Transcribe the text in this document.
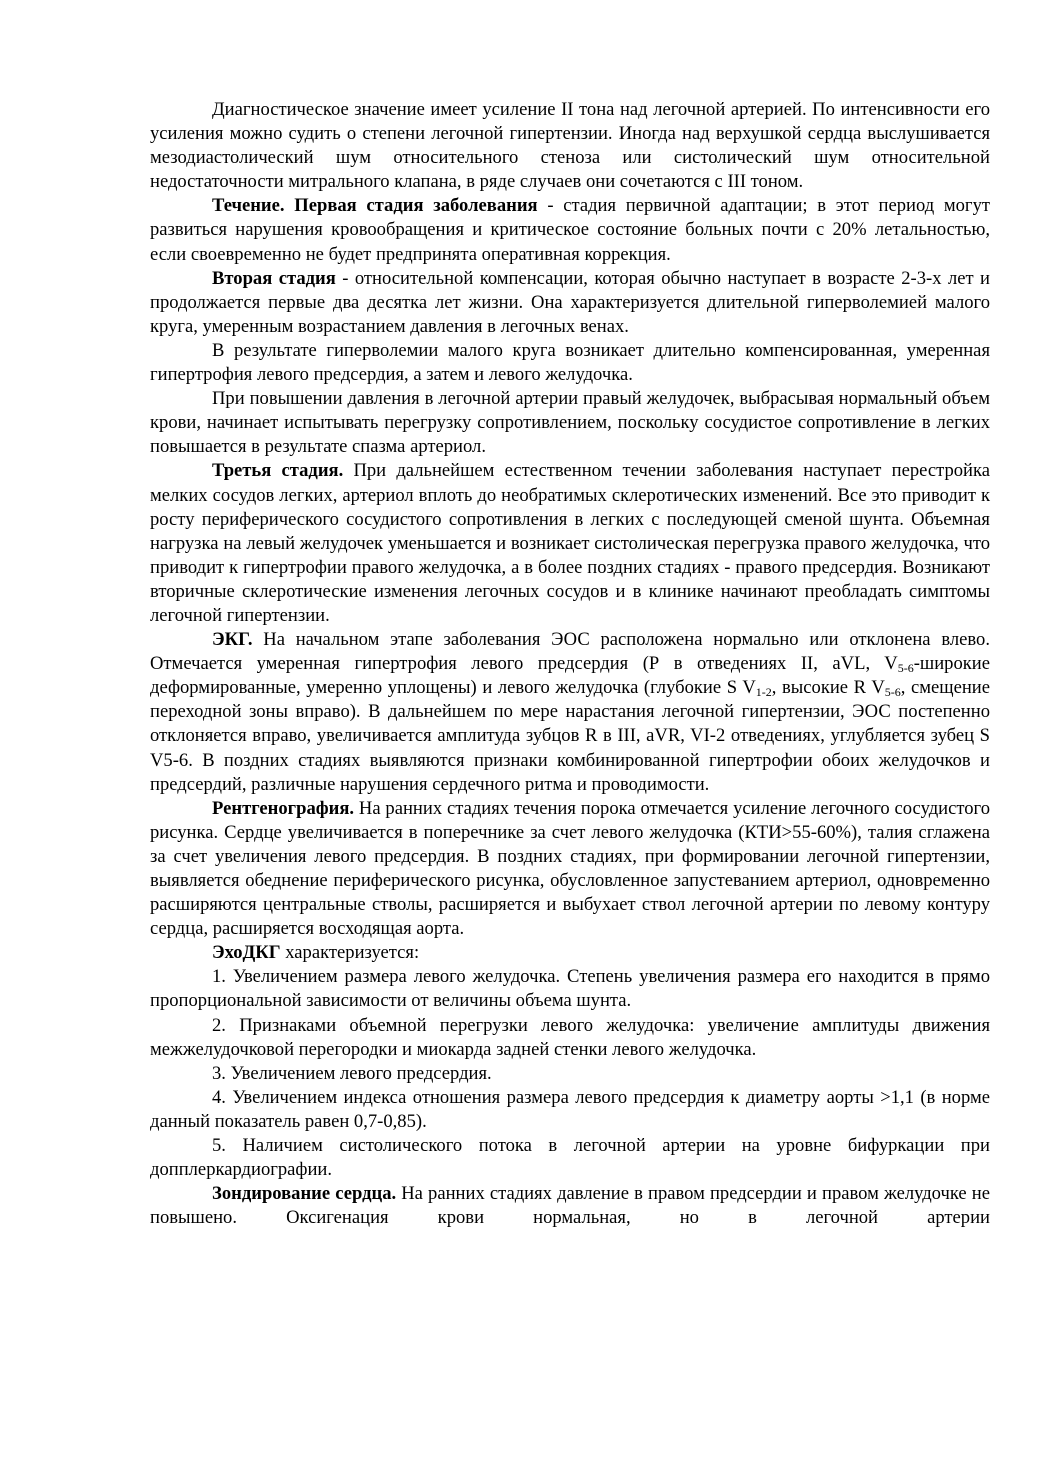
Диагностическое значение имеет усиление II тона над легочной артерией. По интенсивности его усиления можно судить о степени легочной гипертензии. Иногда над верхушкой сердца выслушивается мезодиастолический шум относительного стеноза или систолический шум относительной недостаточности митрального клапана, в ряде случаев они сочетаются с III тоном.

Течение. Первая стадия заболевания - стадия первичной адаптации; в этот период могут развиться нарушения кровообращения и критическое состояние больных почти с 20% летальностью, если своевременно не будет предпринята оперативная коррекция.

Вторая стадия - относительной компенсации, которая обычно наступает в возрасте 2-3-х лет и продолжается первые два десятка лет жизни. Она характеризуется длительной гиперволемией малого круга, умеренным возрастанием давления в легочных венах.

В результате гиперволемии малого круга возникает длительно компенсированная, умеренная гипертрофия левого предсердия, а затем и левого желудочка.

При повышении давления в легочной артерии правый желудочек, выбрасывая нормальный объем крови, начинает испытывать перегрузку сопротивлением, поскольку сосудистое сопротивление в легких повышается в результате спазма артериол.

Третья стадия. При дальнейшем естественном течении заболевания наступает перестройка мелких сосудов легких, артериол вплоть до необратимых склеротических изменений. Все это приводит к росту периферического сосудистого сопротивления в легких с последующей сменой шунта. Объемная нагрузка на левый желудочек уменьшается и возникает систолическая перегрузка правого желудочка, что приводит к гипертрофии правого желудочка, а в более поздних стадиях - правого предсердия. Возникают вторичные склеротические изменения легочных сосудов и в клинике начинают преобладать симптомы легочной гипертензии.

ЭКГ. На начальном этапе заболевания ЭОС расположена нормально или отклонена влево. Отмечается умеренная гипертрофия левого предсердия (Р в отведениях II, aVL, $V_{5-6}$-широкие деформированные, умеренно уплощены) и левого желудочка (глубокие S $V_{1-2}$, высокие R $V_{5-6}$, смещение переходной зоны вправо). В дальнейшем по мере нарастания легочной гипертензии, ЭОС постепенно отклоняется вправо, увеличивается амплитуда зубцов R в III, aVR, VI-2 отведениях, углубляется зубец S V5-6. В поздних стадиях выявляются признаки комбинированной гипертрофии обоих желудочков и предсердий, различные нарушения сердечного ритма и проводимости.

Рентгенография. На ранних стадиях течения порока отмечается усиление легочного сосудистого рисунка. Сердце увеличивается в поперечнике за счет левого желудочка (КТИ>55-60%), талия сглажена за счет увеличения левого предсердия. В поздних стадиях, при формировании легочной гипертензии, выявляется обеднение периферического рисунка, обусловленное запустеванием артериол, одновременно расширяются центральные стволы, расширяется и выбухает ствол легочной артерии по левому контуру сердца, расширяется восходящая аорта.

ЭхоДКГ характеризуется:

1. Увеличением размера левого желудочка. Степень увеличения размера его находится в прямо пропорциональной зависимости от величины объема шунта.

2. Признаками объемной перегрузки левого желудочка: увеличение амплитуды движения межжелудочковой перегородки и миокарда задней стенки левого желудочка.

3. Увеличением левого предсердия.

4. Увеличением индекса отношения размера левого предсердия к диаметру аорты >1,1 (в норме данный показатель равен 0,7-0,85).

5. Наличием систолического потока в легочной артерии на уровне бифуркации при допплеркардиографии.

Зондирование сердца. На ранних стадиях давление в правом предсердии и правом желудочке не повышено. Оксигенация крови нормальная, но в легочной артерии
